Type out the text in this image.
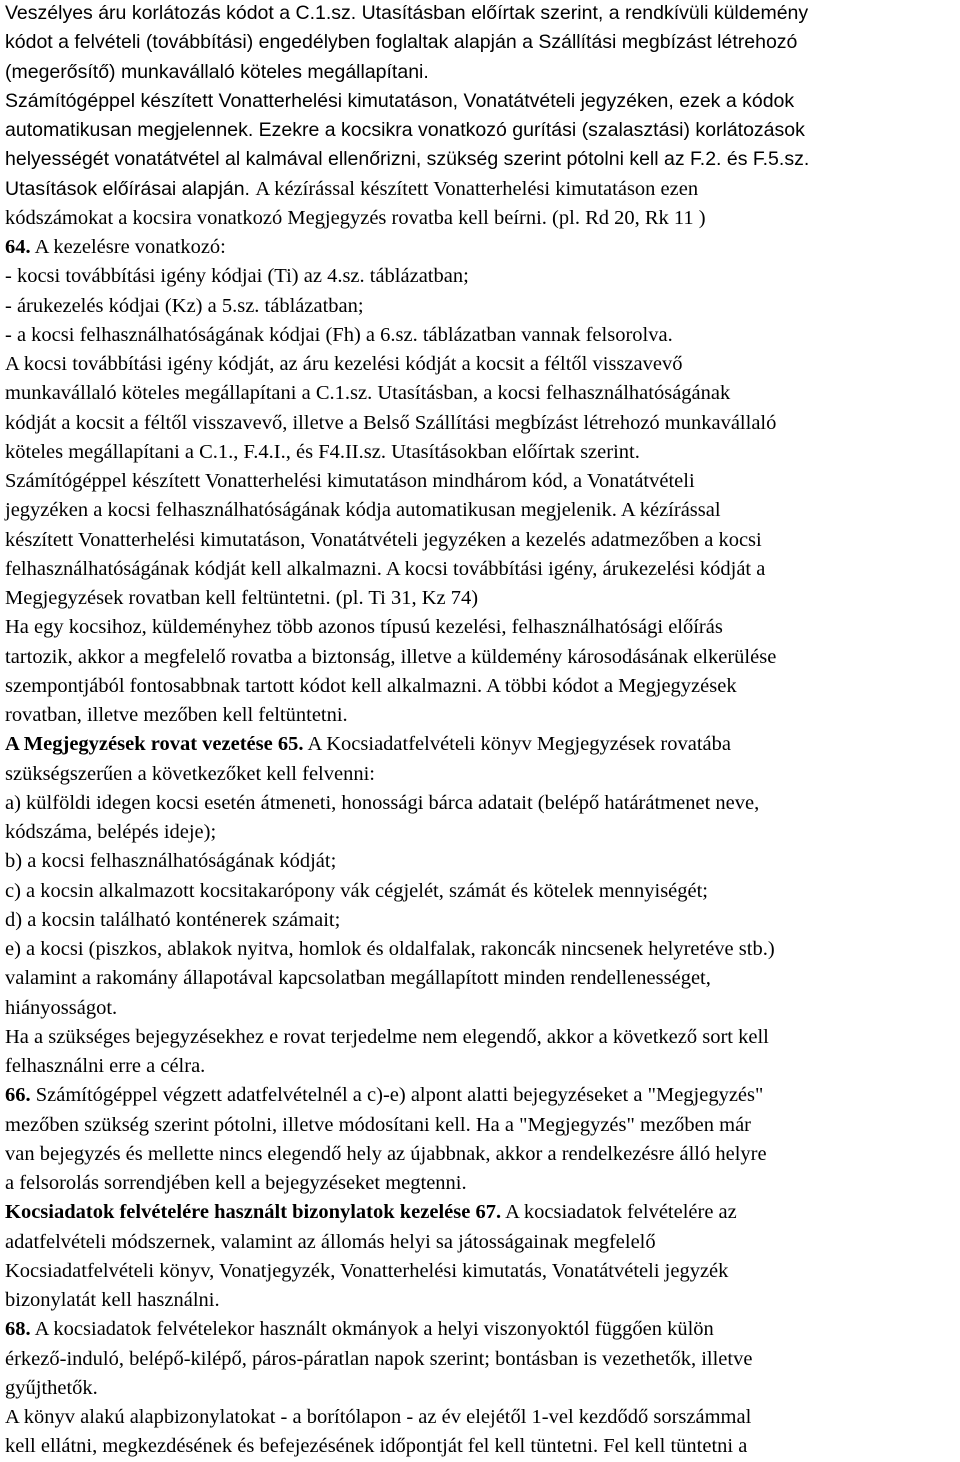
Veszélyes áru korlátozás kódot a C.1.sz. Utasításban előírtak szerint, a rendkívüli küldemény
kódot a felvételi (továbbítási) engedélyben foglaltak alapján a Szállítási megbízást létrehozó
(megerősítő) munkavállaló köteles megállapítani.
Számítógéppel készített Vonatterhelési kimutatáson, Vonatátvételi jegyzéken, ezek a kódok
automatikusan megjelennek. Ezekre a kocsikra vonatkozó gurítási (szalasztási) korlátozások
helyességét vonatátvétel al kalmával ellenőrizni, szükség szerint pótolni kell az F.2. és F.5.sz.
Utasítások előírásai alapján. A kézírással készített Vonatterhelési kimutatáson ezen
kódszámokat a kocsira vonatkozó Megjegyzés rovatba kell beírni. (pl. Rd 20, Rk 11 )
64. A kezelésre vonatkozó:
- kocsi továbbítási igény kódjai (Ti) az 4.sz. táblázatban;
- árukezelés kódjai (Kz) a 5.sz. táblázatban;
- a kocsi felhasználhatóságának kódjai (Fh) a 6.sz. táblázatban vannak felsorolva.
A kocsi továbbítási igény kódját, az áru kezelési kódját a kocsit a féltől visszavevő
munkavállaló köteles megállapítani a C.1.sz. Utasításban, a kocsi felhasználhatóságának
kódját a kocsit a féltől visszavevő, illetve a Belső Szállítási megbízást létrehozó munkavállaló
köteles megállapítani a C.1., F.4.I., és F4.II.sz. Utasításokban előírtak szerint.
Számítógéppel készített Vonatterhelési kimutatáson mindhárom kód, a Vonatátvételi
jegyzéken a kocsi felhasználhatóságának kódja automatikusan megjelenik. A kézírással
készített Vonatterhelési kimutatáson, Vonatátvételi jegyzéken a kezelés adatmezőben a kocsi
felhasználhatóságának kódját kell alkalmazni. A kocsi továbbítási igény, árukezelési kódját a
Megjegyzések rovatban kell feltüntetni. (pl. Ti 31, Kz 74)
Ha egy kocsihoz, küldeményhez több azonos típusú kezelési, felhasználhatósági előírás
tartozik, akkor a megfelelő rovatba a biztonság, illetve a küldemény károsodásának elkerülése
szempontjából fontosabbnak tartott kódot kell alkalmazni. A többi kódot a Megjegyzések
rovatban, illetve mezőben kell feltüntetni.
A Megjegyzések rovat vezetése 65. A Kocsiadatfelvételi könyv Megjegyzések rovatába
szükségszerűen a következőket kell felvenni:
a) külföldi idegen kocsi esetén átmeneti, honossági bárca adatait (belépő határátmenet neve,
kódszáma, belépés ideje);
b) a kocsi felhasználhatóságának kódját;
c) a kocsin alkalmazott kocsitakarópony vák cégjelét, számát és kötelek mennyiségét;
d) a kocsin található konténerek számait;
e) a kocsi (piszkos, ablakok nyitva, homlok és oldalfalak, rakoncák nincsenek helyretéve stb.)
valamint a rakomány állapotával kapcsolatban megállapított minden rendellenességet,
hiányosságot.
Ha a szükséges bejegyzésekhez e rovat terjedelme nem elegendő, akkor a következő sort kell
felhasználni erre a célra.
66. Számítógéppel végzett adatfelvételnél a c)-e) alpont alatti bejegyzéseket a "Megjegyzés"
mezőben szükség szerint pótolni, illetve módosítani kell. Ha a "Megjegyzés" mezőben már
van bejegyzés és mellette nincs elegendő hely az újabbnak, akkor a rendelkezésre álló helyre
a felsorolás sorrendjében kell a bejegyzéseket megtenni.
Kocsiadatok felvételére használt bizonylatok kezelése 67. A kocsiadatok felvételére az
adatfelvételi módszernek, valamint az állomás helyi sa játosságainak megfelelő
Kocsiadatfelvételi könyv, Vonatjegyzék, Vonatterhelési kimutatás, Vonatátvételi jegyzék
bizonylatát kell használni.
68. A kocsiadatok felvételekor használt okmányok a helyi viszonyoktól függően külön
érkező-induló, belépő-kilépő, páros-páratlan napok szerint; bontásban is vezethetők, illetve
gyűjthetők.
A könyv alakú alapbizonylatokat - a borítólapon - az év elejétől 1-vel kezdődő sorszámmal
kell ellátni, megkezdésének és befejezésének időpontját fel kell tüntetni. Fel kell tüntetni a
